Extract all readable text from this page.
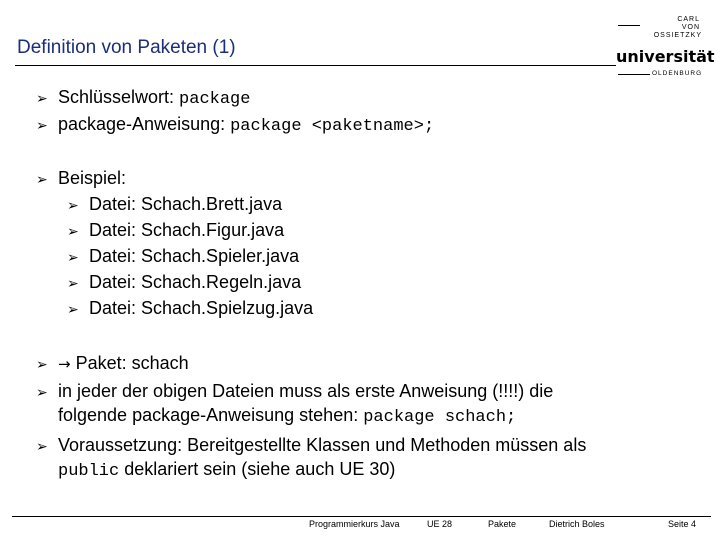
Definition von Paketen (1)
CARL
VON
OSSIETZKY
universität
OLDENBURG
➢ Schlüsselwort: package
➢ package-Anweisung: package <paketname>;
➢ Beispiel:
➢ Datei: Schach.Brett.java
➢ Datei: Schach.Figur.java
➢ Datei: Schach.Spieler.java
➢ Datei: Schach.Regeln.java
➢ Datei: Schach.Spielzug.java
➢ → Paket: schach
➢ in jeder der obigen Dateien muss als erste Anweisung (!!!!) die
folgende package-Anweisung stehen: package schach;
➢ Voraussetzung: Bereitgestellte Klassen und Methoden müssen als
public deklariert sein (siehe auch UE 30)
Programmierkurs Java	UE 28	Pakete	Dietrich Boles	Seite 4
